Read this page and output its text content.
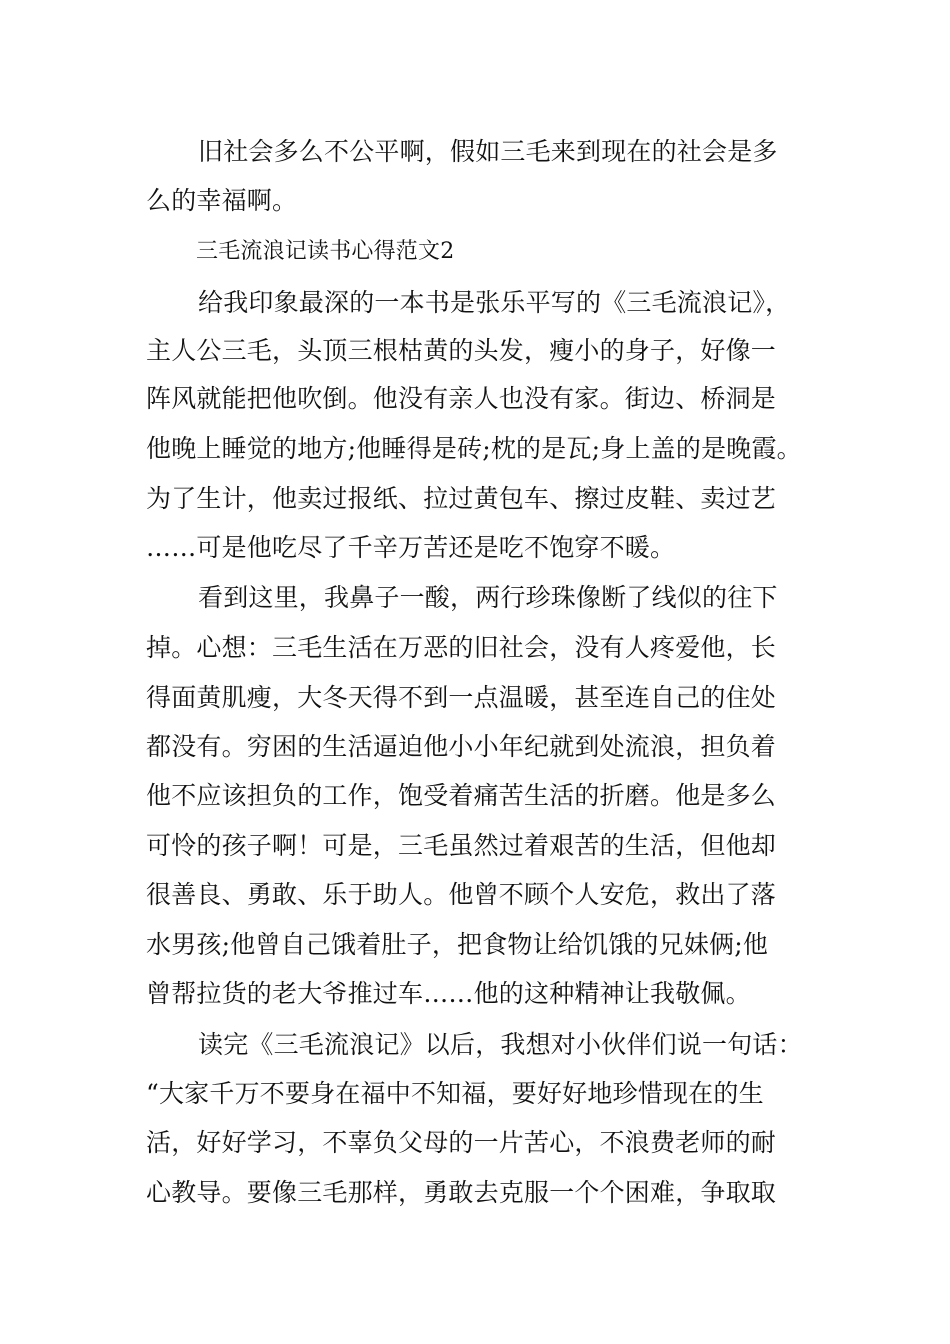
旧社会多么不公平啊，假如三毛来到现在的社会是多
么的幸福啊。
三毛流浪记读书心得范文2
给我印象最深的一本书是张乐平写的《三毛流浪记》，
主人公三毛，头顶三根枯黄的头发，瘦小的身子，好像一
阵风就能把他吹倒。他没有亲人也没有家。街边、桥洞是
他晚上睡觉的地方;他睡得是砖;枕的是瓦;身上盖的是晚霞。
为了生计，他卖过报纸、拉过黄包车、擦过皮鞋、卖过艺
……可是他吃尽了千辛万苦还是吃不饱穿不暖。
看到这里，我鼻子一酸，两行珍珠像断了线似的往下
掉。心想：三毛生活在万恶的旧社会，没有人疼爱他，长
得面黄肌瘦，大冬天得不到一点温暖，甚至连自己的住处
都没有。穷困的生活逼迫他小小年纪就到处流浪，担负着
他不应该担负的工作，饱受着痛苦生活的折磨。他是多么
可怜的孩子啊！可是，三毛虽然过着艰苦的生活，但他却
很善良、勇敢、乐于助人。他曾不顾个人安危，救出了落
水男孩;他曾自己饿着肚子，把食物让给饥饿的兄妹俩;他
曾帮拉货的老大爷推过车……他的这种精神让我敬佩。
读完《三毛流浪记》以后，我想对小伙伴们说一句话：
“大家千万不要身在福中不知福，要好好地珍惜现在的生
活，好好学习，不辜负父母的一片苦心，不浪费老师的耐
心教导。要像三毛那样，勇敢去克服一个个困难，争取取
